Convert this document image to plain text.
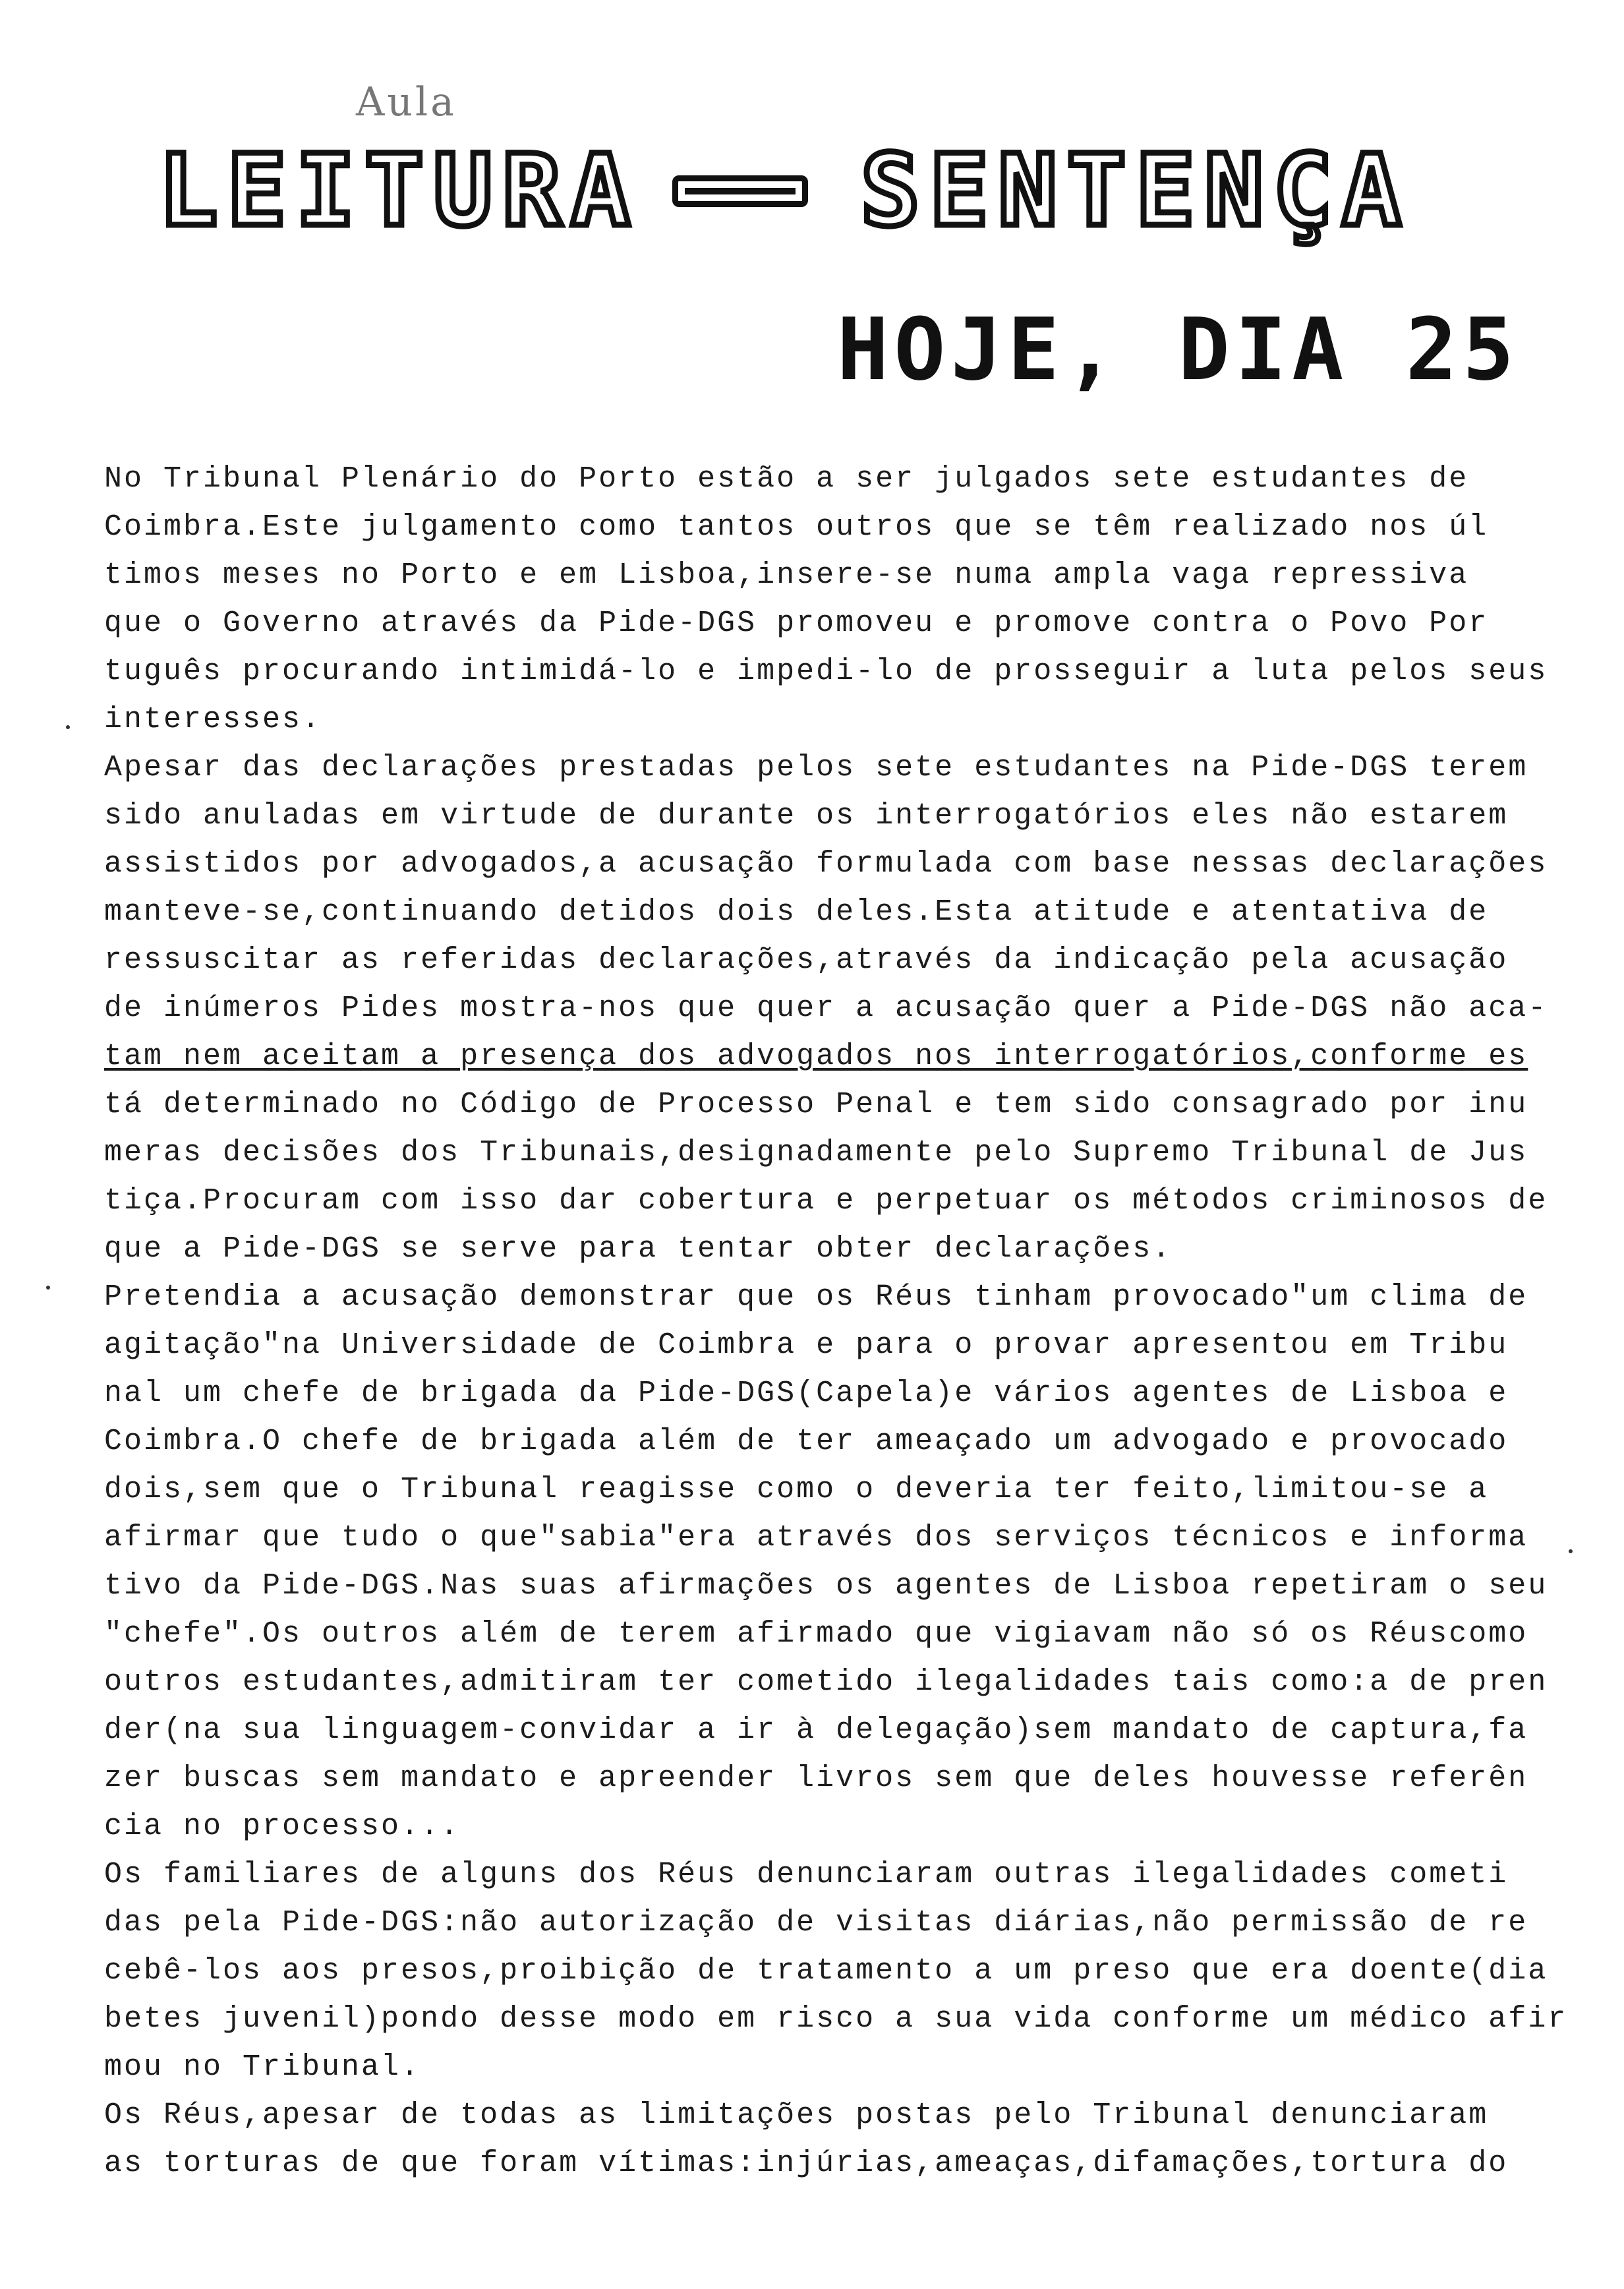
Aula
LEITURA SENTENÇA
HOJE, DIA 25
No Tribunal Plenário do Porto estão a ser julgados sete estudantes de
Coimbra.Este julgamento como tantos outros que se têm realizado nos úl
timos meses no Porto e em Lisboa,insere-se numa ampla vaga repressiva
que o Governo através da Pide-DGS promoveu e promove contra o Povo Por
tuguês procurando intimidá-lo e impedi-lo de prosseguir a luta pelos seus
interesses.
Apesar das declarações prestadas pelos sete estudantes na Pide-DGS terem
sido anuladas em virtude de durante os interrogatórios eles não estarem
assistidos por advogados,a acusação formulada com base nessas declarações
manteve-se,continuando detidos dois deles.Esta atitude e atentativa de
ressuscitar as referidas declarações,através da indicação pela acusação
de inúmeros Pides mostra-nos que quer a acusação quer a Pide-DGS não aca-
tam nem aceitam a presença dos advogados nos interrogatórios,conforme es
tá determinado no Código de Processo Penal e tem sido consagrado por inu
meras decisões dos Tribunais,designadamente pelo Supremo Tribunal de Jus
tiça.Procuram com isso dar cobertura e perpetuar os métodos criminosos de
que a Pide-DGS se serve para tentar obter declarações.
Pretendia a acusação demonstrar que os Réus tinham provocado"um clima de
agitação"na Universidade de Coimbra e para o provar apresentou em Tribu
nal um chefe de brigada da Pide-DGS(Capela)e vários agentes de Lisboa e
Coimbra.O chefe de brigada além de ter ameaçado um advogado e provocado
dois,sem que o Tribunal reagisse como o deveria ter feito,limitou-se a
afirmar que tudo o que"sabia"era através dos serviços técnicos e informa
tivo da Pide-DGS.Nas suas afirmações os agentes de Lisboa repetiram o seu
"chefe".Os outros além de terem afirmado que vigiavam não só os Réuscomo
outros estudantes,admitiram ter cometido ilegalidades tais como:a de pren
der(na sua linguagem-convidar a ir à delegação)sem mandato de captura,fa
zer buscas sem mandato e apreender livros sem que deles houvesse referên
cia no processo...
Os familiares de alguns dos Réus denunciaram outras ilegalidades cometi
das pela Pide-DGS:não autorização de visitas diárias,não permissão de re
cebê-los aos presos,proibição de tratamento a um preso que era doente(dia
betes juvenil)pondo desse modo em risco a sua vida conforme um médico afir
mou no Tribunal.
Os Réus,apesar de todas as limitações postas pelo Tribunal denunciaram
as torturas de que foram vítimas:injúrias,ameaças,difamações,tortura do
